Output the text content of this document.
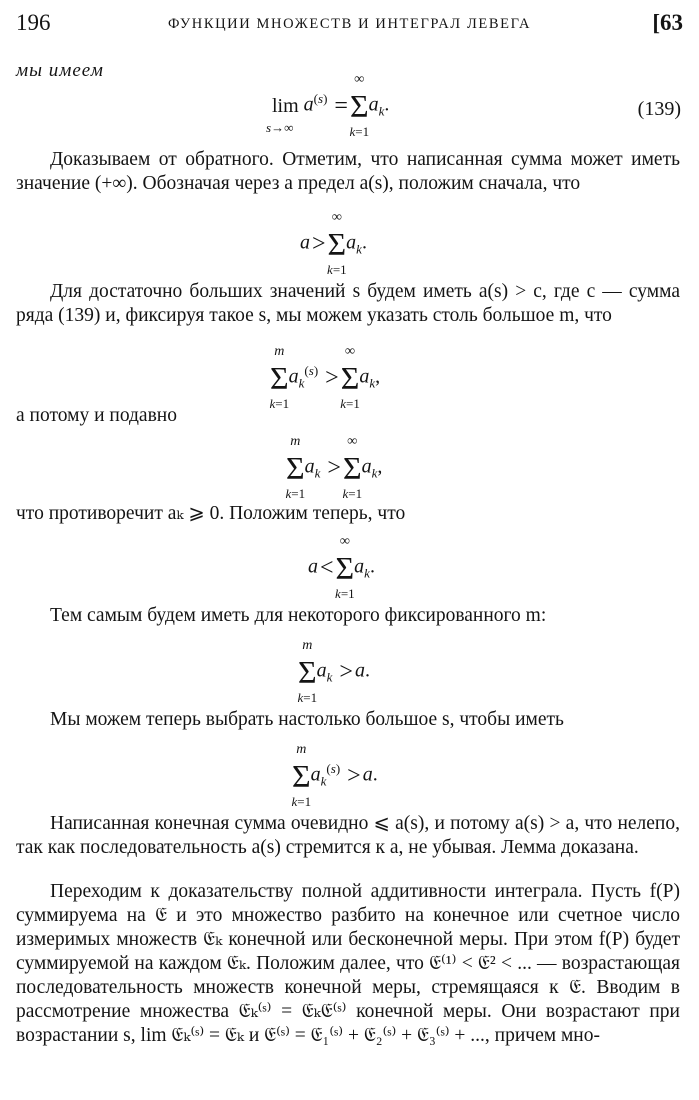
196	ФУНКЦИИ МНОЖЕСТВ И ИНТЕГРАЛ ЛЕВЕГА	[63
мы имеем
lim
s→∞
$a^{(s)}$ =
∞
Σ
k=1
$a_k$.	(139)
Доказываем от обратного. Отметим, что написанная сумма может иметь значение (+∞). Обозначая через a предел a(s), положим сначала, что
a>
∞
Σ
k=1
$a_k$.
Для достаточно больших значений s будем иметь a(s) > c, где c — сумма ряда (139) и, фиксируя такое s, мы можем указать столь большое m, что
m
Σ
k=1
$a_k^{(s)}$ >
∞
Σ
k=1
$a_k$,
а потому и подавно
m
Σ
k=1
$a_k$ >
∞
Σ
k=1
$a_k$,
что противоречит aₖ ⩾ 0. Положим теперь, что
a<
∞
Σ
k=1
$a_k$.
Тем самым будем иметь для некоторого фиксированного m:
m
Σ
k=1
$a_k > a$.
Мы можем теперь выбрать настолько большое s, чтобы иметь
m
Σ
k=1
$a_k^{(s)} > a$.
Написанная конечная сумма очевидно ⩽ a(s), и потому a(s) > a, что нелепо, так как последовательность a(s) стремится к a, не убывая. Лемма доказана.
Переходим к доказательству полной аддитивности интеграла. Пусть f(P) суммируема на 𝔈 и это множество разбито на конечное или счетное число измеримых множеств 𝔈ₖ конечной или бесконечной меры. При этом f(P) будет суммируемой на каждом 𝔈ₖ. Положим далее, что 𝔈⁽¹⁾ < 𝔈² < ... — возрастающая последовательность множеств конечной меры, стремящаяся к 𝔈. Вводим в рассмотрение множества 𝔈ₖ⁽ˢ⁾ = 𝔈ₖ𝔈⁽ˢ⁾ конечной меры. Они возрастают при возрастании s, lim 𝔈ₖ⁽ˢ⁾ = 𝔈ₖ и 𝔈⁽ˢ⁾ = 𝔈₁⁽ˢ⁾ + 𝔈₂⁽ˢ⁾ + 𝔈₃⁽ˢ⁾ + ..., причем мно-
